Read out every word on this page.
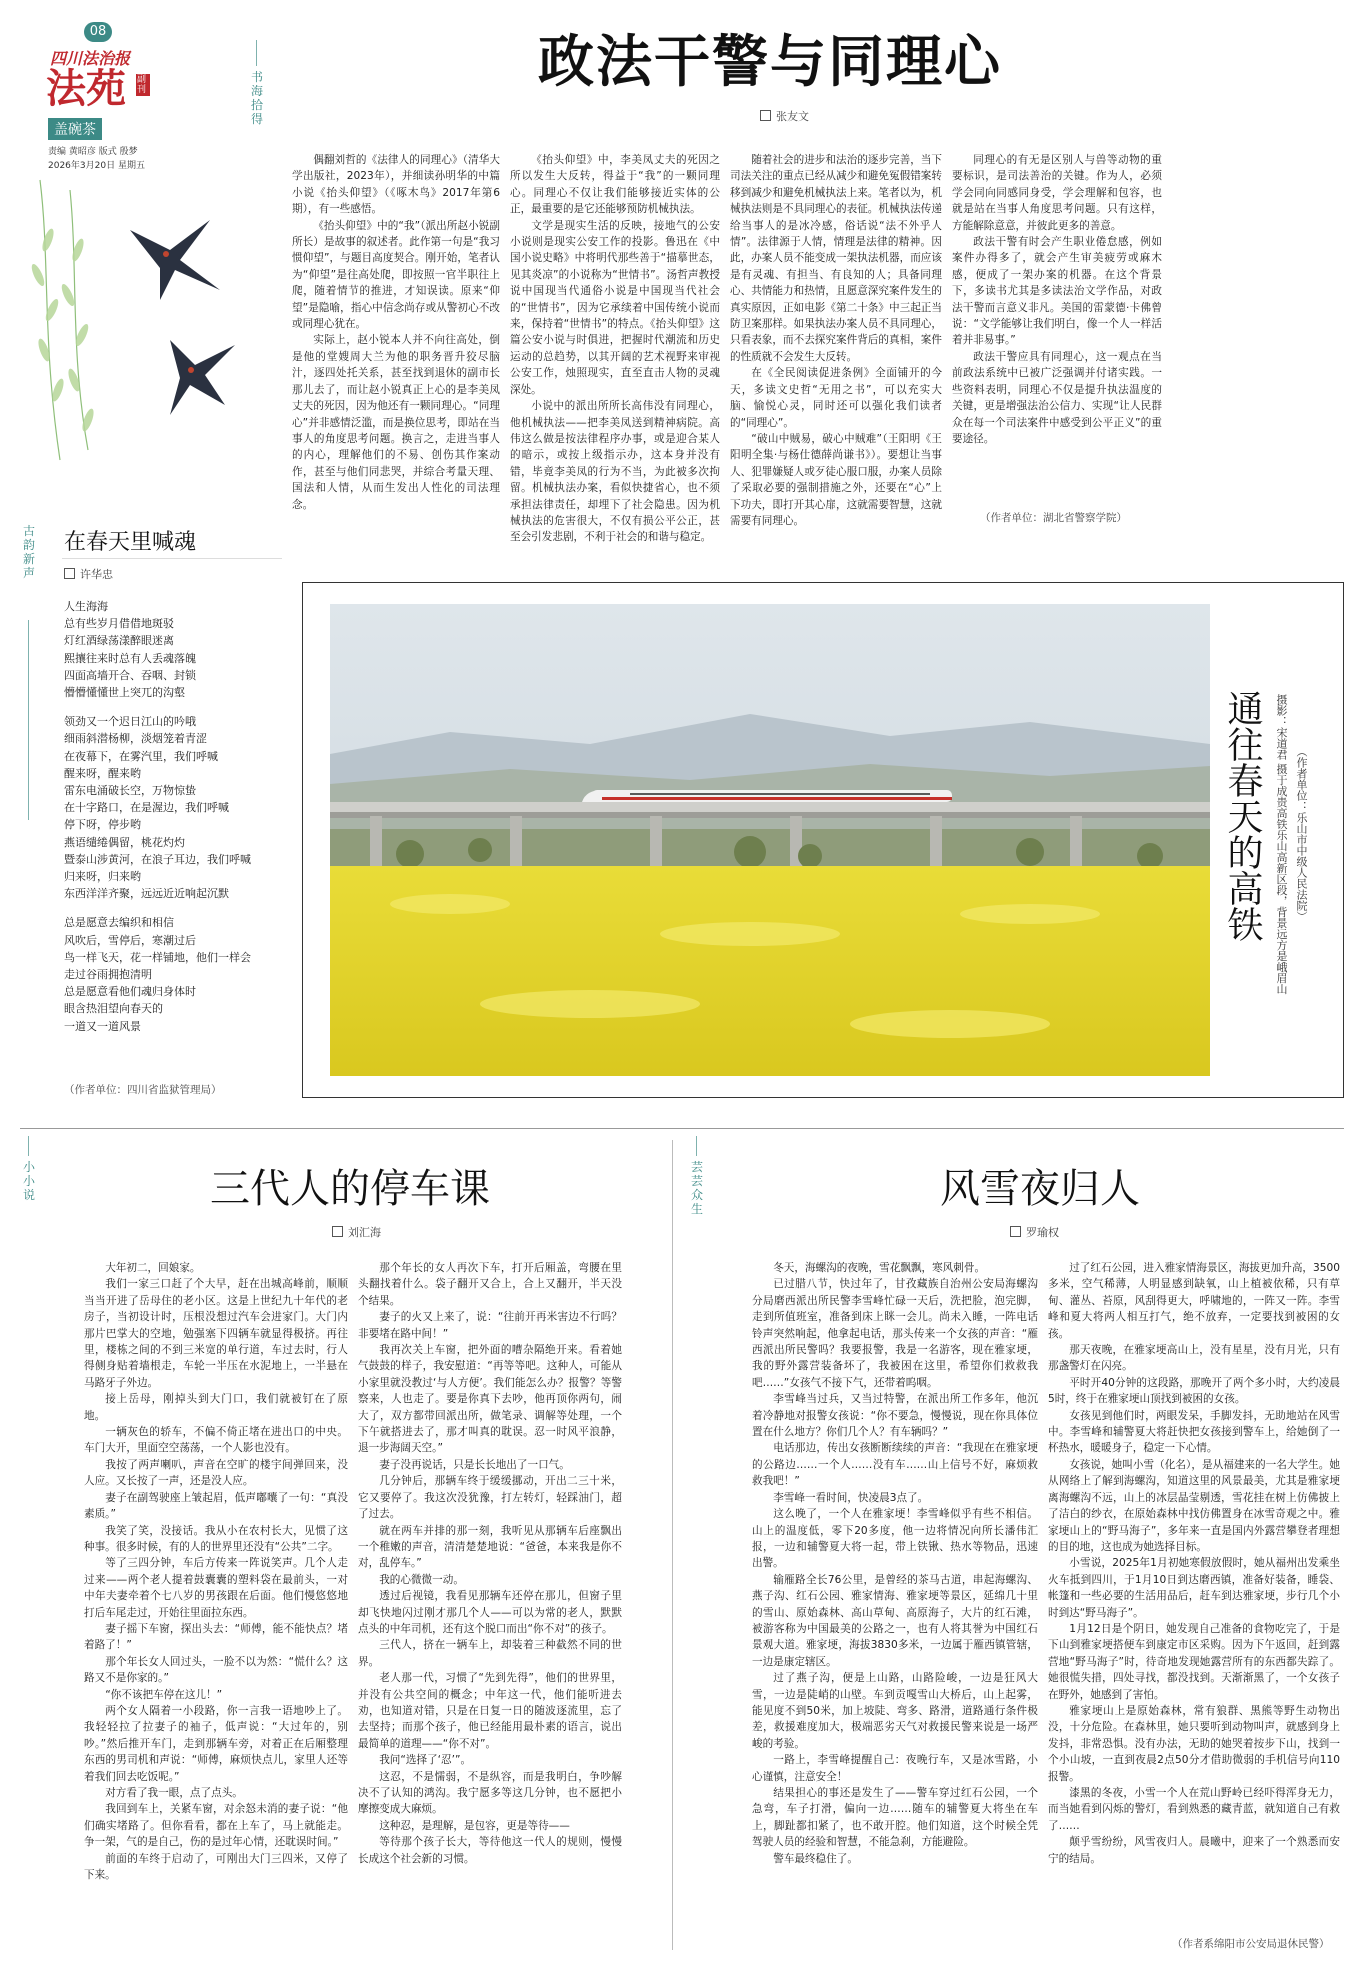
08
四川法治报
法苑 副刊
盖碗茶
责编 黄昭彦 版式 殷梦
2026年3月20日 星期五
书海拾得
政法干警与同理心
张友文

偶翻刘哲的《法律人的同理心》（清华大学出版社，2023年），并细读孙明华的中篇小说《抬头仰望》（《啄木鸟》2017年第6期），有一些感悟。

《抬头仰望》中的“我”（派出所赵小锐副所长）是故事的叙述者。此作第一句是“我习惯仰望”，与题目高度契合。刚开始，笔者认为“仰望”是往高处爬，即按照一官半职往上爬，随着情节的推进，才知误读。原来“仰望”是隐喻，指心中信念尚存或从警初心不改或同理心犹在。

实际上，赵小锐本人并不向往高处，倒是他的堂嫂周大兰为他的职务晋升狡尽脑汁，逐四处托关系，甚至找到退休的副市长那儿去了，而让赵小锐真正上心的是李美凤丈夫的死因，因为他还有一颗同理心。“同理心”并非感情泛滥，而是换位思考，即站在当事人的角度思考问题。换言之，走进当事人的内心，理解他们的不易、创伤其作案动作，甚至与他们同悲哭，并综合考量天理、国法和人情，从而生发出人性化的司法理念。

《抬头仰望》中，李美凤丈夫的死因之所以发生大反转，得益于“我”的一颗同理心。同理心不仅让我们能够接近实体的公正，最重要的是它还能够预防机械执法。

文学是现实生活的反映，接地气的公安小说则是现实公安工作的投影。鲁迅在《中国小说史略》中将明代那些善于“描摹世态，见其炎凉”的小说称为“世情书”。汤哲声教授说中国现当代通俗小说是中国现当代社会的“世情书”，因为它承续着中国传统小说而来，保持着“世情书”的特点。《抬头仰望》这篇公安小说与时俱进，把握时代潮流和历史运动的总趋势，以其开阔的艺术视野来审视公安工作，烛照现实，直至直击人物的灵魂深处。

小说中的派出所所长高伟没有同理心，他机械执法——把李美凤送到精神病院。高伟这么做是按法律程序办事，或是迎合某人的暗示，或按上级指示办，这本身并没有错，毕竟李美凤的行为不当，为此被多次拘留。机械执法办案，看似快捷省心，也不须承担法律责任，却埋下了社会隐患。因为机械执法的危害很大，不仅有损公平公正，甚至会引发悲剧，不利于社会的和谐与稳定。

随着社会的进步和法治的逐步完善，当下司法关注的重点已经从减少和避免冤假错案转移到减少和避免机械执法上来。笔者以为，机械执法则是不具同理心的表征。机械执法传递给当事人的是冰冷感，俗话说“法不外乎人情”。法律源于人情，情理是法律的精神。因此，办案人员不能变成一架执法机器，而应该是有灵魂、有担当、有良知的人；具备同理心、共情能力和热情，且愿意深究案件发生的真实原因，正如电影《第二十条》中三起正当防卫案那样。如果执法办案人员不具同理心，只看表象，而不去探究案件背后的真相，案件的性质就不会发生大反转。

在《全民阅读促进条例》全面铺开的今天，多读文史哲“无用之书”，可以充实大脑、愉悦心灵，同时还可以强化我们读者的“同理心”。

“破山中贼易，破心中贼难”（王阳明《王阳明全集·与杨仕德薛尚谦书》）。要想让当事人、犯罪嫌疑人或歹徒心服口服，办案人员除了采取必要的强制措施之外，还要在“心”上下功夫，即打开其心扉，这就需要智慧，这就需要有同理心。

同理心的有无是区别人与兽等动物的重要标识，是司法善治的关键。作为人，必须学会同向同感同身受，学会理解和包容，也就是站在当事人角度思考问题。只有这样，方能解除意意，并彼此更多的善意。

政法干警有时会产生职业倦怠感，例如案件办得多了，就会产生审美疲劳或麻木感，便成了一架办案的机器。在这个背景下，多读书尤其是多读法治文学作品，对政法干警而言意义非凡。美国的雷蒙德·卡佛曾说：“文学能够让我们明白，像一个人一样活着并非易事。”

政法干警应具有同理心，这一观点在当前政法系统中已被广泛强调并付诸实践。一些资料表明，同理心不仅是提升执法温度的关键，更是增强法治公信力、实现“让人民群众在每一个司法案件中感受到公平正义”的重要途径。

（作者单位：湖北省警察学院）
古韵新声
在春天里喊魂
许华忠
人生海海
总有些岁月借借地斑驳
灯红酒绿荡漾醉眼迷离
熙攘往来时总有人丢魂落魄
四面高墙开合、吞咽、封锁
懵懵懂懂世上突兀的沟壑
领劲又一个迟日江山的吟哦
细雨斜潜杨柳，淡烟笼着青涩
在夜幕下，在雾汽里，我们呼喊
醒来呀，醒来哟
雷东电涌破长空，万物惊蛰
在十字路口，在是渥边，我们呼喊
停下呀，停步哟
燕语缱绻偶留，桃花灼灼
暨泰山涉黄河，在浪子耳边，我们呼喊
归来呀，归来哟
东西洋洋齐聚，远远近近响起沉默
总是愿意去编织和相信
风吹后，雪停后，寒潮过后
鸟一样飞天，花一样铺地，他们一样会
走过谷雨拥抱清明
总是愿意看他们魂归身体时
眼含热泪望向春天的
一道又一道风景
（作者单位：四川省监狱管理局）
通往春天的高铁	摄影：宋道君 摄于成贵高铁乐山高新区段，背景远方是峨眉山 （作者单位：乐山市中级人民法院）
小小说	三代人的停车课
刘汇海

大年初二，回娘家。

我们一家三口赶了个大早，赶在出城高峰前，顺顺当当开进了岳母住的老小区。这是上世纪九十年代的老房子，当初设计时，压根没想过汽车会进家门。大门内那片巴掌大的空地，勉强塞下四辆车就显得极挤。再往里，楼栋之间的不到三米宽的单行道，车过去时，行人得侧身贴着墙根走，车轮一半压在水泥地上，一半悬在马路牙子外边。

接上岳母，刚掉头到大门口，我们就被钉在了原地。

一辆灰色的轿车，不偏不倚正堵在进出口的中央。车门大开，里面空空荡荡，一个人影也没有。

我按了两声喇叭，声音在空旷的楼宇间弹回来，没人应。又长按了一声，还是没人应。

妻子在副驾驶座上皱起眉，低声嘟囔了一句：“真没素质。”

我笑了笑，没接话。我从小在农村长大，见惯了这种事。很多时候，有的人的世界里还没有“公共”二字。

等了三四分钟，车后方传来一阵说笑声。几个人走过来——两个老人提着鼓囊囊的塑料袋在最前头，一对中年夫妻牵着个七八岁的男孩跟在后面。他们慢悠悠地打后车尾走过，开始往里面拉东西。

妻子摇下车窗，探出头去：“师傅，能不能快点？堵着路了！”

那个年长女人回过头，一脸不以为然：“慌什么？这路又不是你家的。”

“你不该把车停在这儿！”

两个女人隔着一小段路，你一言我一语地吵上了。我轻轻拉了拉妻子的袖子，低声说：“大过年的，别吵。”然后推开车门，走到那辆车旁，对着正在后厢整理东西的男司机和声说：“师傅，麻烦快点儿，家里人还等着我们回去吃饭呢。”

对方看了我一眼，点了点头。

我回到车上，关紧车窗，对余怒未消的妻子说：“他们确实堵路了。但你看看，都在上车了，马上就能走。争一架，气的是自己，伤的是过年心情，还耽误时间。”

前面的车终于启动了，可刚出大门三四米，又停了下来。

那个年长的女人再次下车，打开后厢盖，弯腰在里头翻找着什么。袋子翻开又合上，合上又翻开，半天没个结果。

妻子的火又上来了，说：“往前开再米害边不行吗？非要堵在路中间！”

我再次关上车窗，把外面的嘈杂隔绝开来。看着她气鼓鼓的样子，我安慰道：“再等等吧。这种人，可能从小家里就没教过‘与人方便’。我们能怎么办？报警？等警察来，人也走了。要是你真下去吵，他再顶你两句，闹大了，双方都带回派出所，做笔录、调解等处理，一个下午就搭进去了，那才叫真的耽误。忍一时风平浪静，退一步海阔天空。”

妻子没再说话，只是长长地出了一口气。

几分钟后，那辆车终于缓缓挪动，开出二三十米，它又要停了。我这次没犹豫，打左转灯，轻踩油门，超了过去。

就在两车并排的那一刻，我听见从那辆车后座飘出一个稚嫩的声音，清清楚楚地说：“爸爸，本来我是你不对，乱停车。”

我的心微微一动。

透过后视镜，我看见那辆车还停在那儿，但窗子里却飞快地闪过刚才那几个人——可以为常的老人，默默点头的中年司机，还有这个脱口而出“你不对”的孩子。

三代人，挤在一辆车上，却装着三种截然不同的世界。

老人那一代，习惯了“先到先得”，他们的世界里，并没有公共空间的概念；中年这一代，他们能听进去劝，也知道对错，只是在日复一日的随波逐流里，忘了去坚持；而那个孩子，他已经能用最朴素的语言，说出最简单的道理——“你不对”。

我问“选择了‘忍’”。

这忍，不是懦弱，不是纵容，而是我明白，争吵解决不了认知的鸿沟。我宁愿多等这几分钟，也不愿把小摩擦变成大麻烦。

这种忍，是理解，是包容，更是等待——

等待那个孩子长大，等待他这一代人的规则，慢慢长成这个社会新的习惯。

芸芸众生	风雪夜归人
罗瑜权

冬天，海螺沟的夜晚，雪花飘飘，寒风刺骨。

已过腊八节，快过年了，甘孜藏族自治州公安局海螺沟分局磨西派出所民警李雪峰忙碌一天后，洗把脸，泡完脚，走到所值班室，准备到床上眯一会儿。尚未入睡，一阵电话铃声突然响起，他拿起电话，那头传来一个女孩的声音：“雁西派出所民警吗？我要报警，我是一名游客，现在雅家埂，我的野外露营装备坏了，我被困在这里，希望你们救救我吧……”女孩气不接下气，还带着呜咽。

李雪峰当过兵，又当过特警，在派出所工作多年，他沉着冷静地对报警女孩说：“你不要急，慢慢说，现在你具体位置在什么地方？你们几个人？有车辆吗？”

电话那边，传出女孩断断续续的声音：“我现在在雅家埂的公路边……一个人……没有车……山上信号不好，麻烦救救我吧！”

李雪峰一看时间，快凌晨3点了。

这么晚了，一个人在雅家埂！李雪峰似乎有些不相信。山上的温度低，零下20多度，他一边将情况向所长潘伟汇报，一边和辅警夏大将一起，带上铁锹、热水等物品，迅速出警。

输雁路全长76公里，是曾经的茶马古道，串起海螺沟、燕子沟、红石公园、雅家情海、雅家埂等景区，延绵几十里的雪山、原始森林、高山草甸、高原海子，大片的红石滩，被游客称为中国最美的公路之一，也有人将其誉为中国红石景观大道。雅家埂，海拔3830多米，一边属于雁西镇管辖，一边是康定辖区。

过了燕子沟，便是上山路，山路险峻，一边是狂风大雪，一边是陡峭的山壁。车到贡嘎雪山大桥后，山上起雾，能见度不到50米，加上坡陡、弯多、路滑，道路通行条件极差，救援难度加大，极端恶劣天气对救援民警来说是一场严峻的考验。

一路上，李雪峰提醒自己：夜晚行车，又是冰雪路，小心谨慎，注意安全！

结果担心的事还是发生了——警车穿过红石公园，一个急弯，车子打滑，偏向一边……随车的辅警夏大将坐在车上，脚趾都扣紧了，也不敢开腔。他们知道，这个时候全凭驾驶人员的经验和智慧，不能急刹，方能避险。

警车最终稳住了。

过了红石公园，进入雅家情海景区，海拔更加升高，3500多米，空气稀薄，人明显感到缺氧，山上植被依稀，只有草甸、灌丛、苔原，风刮得更大，呼啸地的，一阵又一阵。李雪峰和夏大将两人相互打气，绝不放弃，一定要找到被困的女孩。

那天夜晚，在雅家埂高山上，没有星星，没有月光，只有那盏警灯在闪亮。

平时开40分钟的这段路，那晚开了两个多小时，大约凌晨5时，终于在雅家埂山顶找到被困的女孩。

女孩见到他们时，两眼发呆，手脚发抖，无助地站在风雪中。李雪峰和辅警夏大将赶快把女孩接到警车上，给她倒了一杯热水，暖暖身子，稳定一下心情。

女孩说，她叫小雪（化名），是从福建来的一名大学生。她从网络上了解到海螺沟，知道这里的风景最美，尤其是雅家埂离海螺沟不远，山上的冰层晶莹剔透，雪花挂在树上仿佛披上了洁白的纱衣，在原始森林中找仿佛置身在冰雪奇观之中。雅家埂山上的“野马海子”，多年来一直是国内外露营攀登者理想的目的地，这也成为她选择目标。

小雪说，2025年1月初她寒假放假时，她从福州出发乘坐火车抵到四川，于1月10日到达磨西镇，准备好装备，睡袋、帐篷和一些必要的生活用品后，赶车到达雅家埂，步行几个小时到达“野马海子”。

1月12日是个阴日，她发现自己准备的食物吃完了，于是下山到雅家埂搭便车到康定市区采购。因为下午返回，赶到露营地“野马海子”时，待奇地发现她露营所有的东西都失踪了。她很慌失措，四处寻找，都没找到。天渐渐黑了，一个女孩子在野外，她感到了害怕。

雅家埂山上是原始森林，常有狼群、黑熊等野生动物出没，十分危险。在森林里，她只要听到动物叫声，就感到身上发抖，非常恐惧。没有办法，无助的她哭着按步下山，找到一个小山坡，一直到夜晨2点50分才借助微弱的手机信号向110报警。

漆黑的冬夜，小雪一个人在荒山野岭已经吓得浑身无力，而当她看到闪烁的警灯，看到熟悉的藏青蓝，就知道自己有救了……

颠乎雪纷纷，风雪夜归人。晨曦中，迎来了一个熟悉而安宁的结局。

（作者系绵阳市公安局退休民警）
